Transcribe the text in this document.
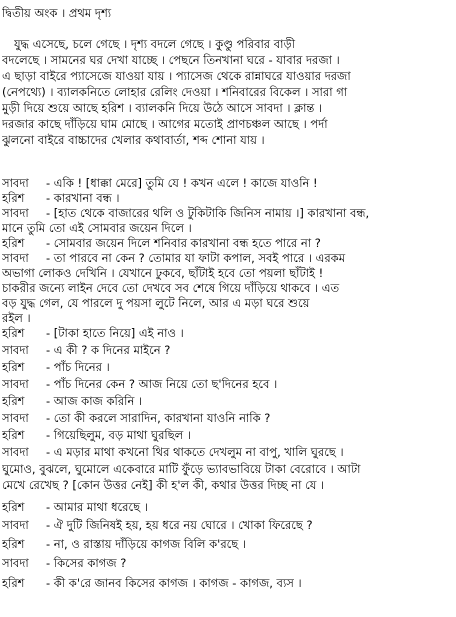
দ্বিতীয় অংক । প্রথম দৃশ্য
যুদ্ধ এসেছে, চলে গেছে । দৃশ্য বদলে গেছে । কুণ্ডু পরিবার বাড়ী
বদলেছে । সামনের ঘর দেখা যাচ্ছে । পেছনে তিনখানা ঘরে - যাবার দরজা ।
এ ছাড়া বাইরে প্যাসেজে যাওয়া যায় । প্যাসেজ থেকে রান্নাঘরে যাওয়ার দরজা
(নেপথ্যে) । ব্যালকনিতে লোহার রেলিং দেওয়া । শনিবারের বিকেল । সারা গা
মুড়ী দিয়ে শুয়ে আছে হরিশ । ব্যালকনি দিয়ে উঠে আসে সাবদা । ক্লান্ত ।
দরজার কাছে দাঁড়িয়ে ঘাম মোছে । আগের মতোই প্রাণচঞ্চল আছে । পর্দা
ঝুলনো বাইরে বাচ্চাদের খেলার কথাবার্তা, শব্দ শোনা যায় ।
সাবদা - একি ! [ধাক্কা মেরে] তুমি যে ! কখন এলে ! কাজে যাওনি !
হরিশ - কারখানা বন্ধ ।
সাবদা - [হাত থেকে বাজারের থলি ও টুকিটাকি জিনিস নামায় ।] কারখানা বন্ধ,
মানে তুমি তো এই সোমবার জয়েন দিলে ।
হরিশ - সোমবার জয়েন দিলে শনিবার কারখানা বন্ধ হতে পারে না ?
সাবদা - তা পারবে না কেন ? তোমার যা ফাটা কপাল, সবই পারে । এরকম
অভাগা লোকও দেখিনি । যেখানে ঢুকবে, ছাঁটাই হবে তো পয়লা ছাঁটাই !
চাকরীর জন্যে লাইন দেবে তো দেখবে সব শেষে গিয়ে দাঁড়িয়ে থাকবে । এত
বড় যুদ্ধ গেল, যে পারলে দু পয়সা লুটে নিলে, আর এ মড়া ঘরে শুয়ে
রইল ।
হরিশ - [টাকা হাতে নিয়ে] এই নাও ।
সাবদা - এ কী ? ক দিনের মাইনে ?
হরিশ - পাঁচ দিনের ।
সাবদা - পাঁচ দিনের কেন ? আজ নিয়ে তো ছ'দিনের হবে ।
হরিশ - আজ কাজ করিনি ।
সাবদা - তো কী করলে সারাদিন, কারখানা যাওনি নাকি ?
হরিশ - গিয়েছিলুম, বড় মাথা ঘুরছিল ।
সাবদা - এ মড়ার মাথা কখনো থির থাকতে দেখলুম না বাপু, খালি ঘুরছে ।
ঘুমোও, বুঝলে, ঘুমোলে একেবারে মাটি ফুঁড়ে ভ্যাবভাবিয়ে টাকা বেরোবে । আটা
মেখে রেখেছ ? [কোন উত্তর নেই] কী হ'ল কী, কথার উত্তর দিচ্ছ না যে ।
হরিশ - আমার মাথা ধরেছে ।
সাবদা - ঐ দুটি জিনিষই হয়, হয় ধরে নয় ঘোরে । খোকা ফিরেছে ?
হরিশ - না, ও রাস্তায় দাঁড়িয়ে কাগজ বিলি ক'রছে ।
সাবদা - কিসের কাগজ ?
হরিশ - কী ক'রে জানব কিসের কাগজ । কাগজ - কাগজ, ব্যস ।
